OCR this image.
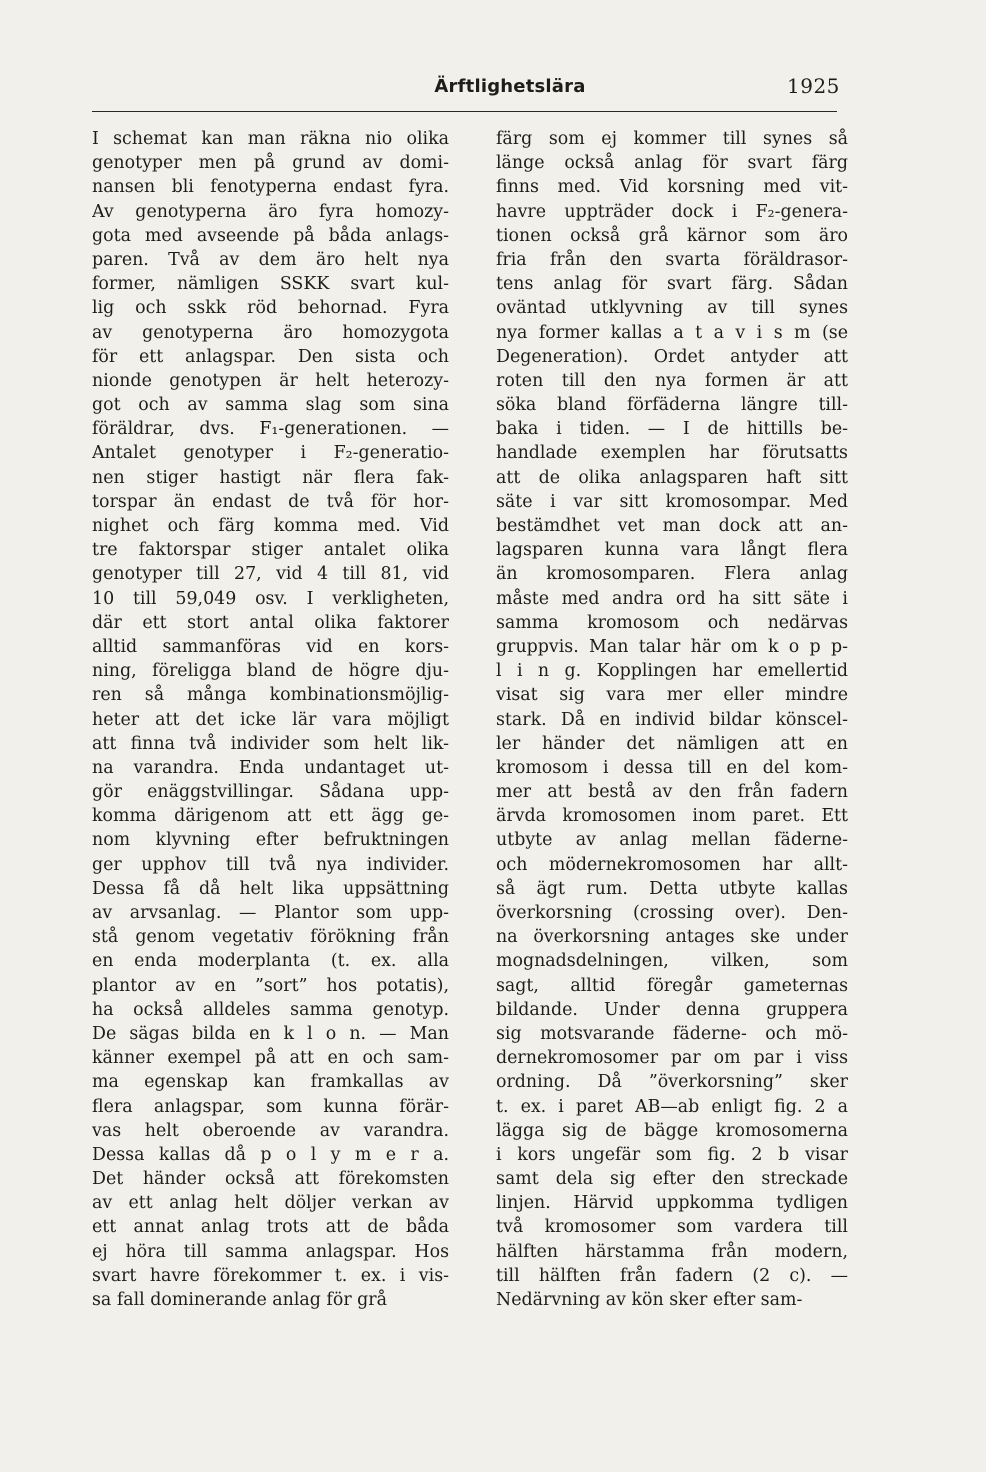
Ärftlighetslära	1925
I schemat kan man räkna nio olika
genotyper men på grund av domi-
nansen bli fenotyperna endast fyra.
Av genotyperna äro fyra homozy-
gota med avseende på båda anlags-
paren. Två av dem äro helt nya
former, nämligen SSKK svart kul-
lig och sskk röd behornad. Fyra
av genotyperna äro homozygota
för ett anlagspar. Den sista och
nionde genotypen är helt heterozy-
got och av samma slag som sina
föräldrar, dvs. F₁-generationen. —
Antalet genotyper i F₂-generatio-
nen stiger hastigt när flera fak-
torspar än endast de två för hor-
nighet och färg komma med. Vid
tre faktorspar stiger antalet olika
genotyper till 27, vid 4 till 81, vid
10 till 59,049 osv. I verkligheten,
där ett stort antal olika faktorer
alltid sammanföras vid en kors-
ning, föreligga bland de högre dju-
ren så många kombinationsmöjlig-
heter att det icke lär vara möjligt
att finna två individer som helt lik-
na varandra. Enda undantaget ut-
gör enäggstvillingar. Sådana upp-
komma därigenom att ett ägg ge-
nom klyvning efter befruktningen
ger upphov till två nya individer.
Dessa få då helt lika uppsättning
av arvsanlag. — Plantor som upp-
stå genom vegetativ förökning från
en enda moderplanta (t. ex. alla
plantor av en ”sort” hos potatis),
ha också alldeles samma genotyp.
De sägas bilda en k l o n. — Man
känner exempel på att en och sam-
ma egenskap kan framkallas av
flera anlagspar, som kunna förär-
vas helt oberoende av varandra.
Dessa kallas då p o l y m e r a.
Det händer också att förekomsten
av ett anlag helt döljer verkan av
ett annat anlag trots att de båda
ej höra till samma anlagspar. Hos
svart havre förekommer t. ex. i vis-
sa fall dominerande anlag för grå
färg som ej kommer till synes så
länge också anlag för svart färg
finns med. Vid korsning med vit-
havre uppträder dock i F₂-genera-
tionen också grå kärnor som äro
fria från den svarta föräldrasor-
tens anlag för svart färg. Sådan
oväntad utklyvning av till synes
nya former kallas a t a v i s m (se
Degeneration). Ordet antyder att
roten till den nya formen är att
söka bland förfäderna längre till-
baka i tiden. — I de hittills be-
handlade exemplen har förutsatts
att de olika anlagsparen haft sitt
säte i var sitt kromosompar. Med
bestämdhet vet man dock att an-
lagsparen kunna vara långt flera
än kromosomparen. Flera anlag
måste med andra ord ha sitt säte i
samma kromosom och nedärvas
gruppvis. Man talar här om k o p p-
l i n g. Kopplingen har emellertid
visat sig vara mer eller mindre
stark. Då en individ bildar könscel-
ler händer det nämligen att en
kromosom i dessa till en del kom-
mer att bestå av den från fadern
ärvda kromosomen inom paret. Ett
utbyte av anlag mellan fäderne-
och mödernekromosomen har allt-
så ägt rum. Detta utbyte kallas
överkorsning (crossing over). Den-
na överkorsning antages ske under
mognadsdelningen, vilken, som
sagt, alltid föregår gameternas
bildande. Under denna gruppera
sig motsvarande fäderne- och mö-
dernekromosomer par om par i viss
ordning. Då ”överkorsning” sker
t. ex. i paret AB—ab enligt fig. 2 a
lägga sig de bägge kromosomerna
i kors ungefär som fig. 2 b visar
samt dela sig efter den streckade
linjen. Härvid uppkomma tydligen
två kromosomer som vardera till
hälften härstamma från modern,
till hälften från fadern (2 c). —
Nedärvning av kön sker efter sam-
